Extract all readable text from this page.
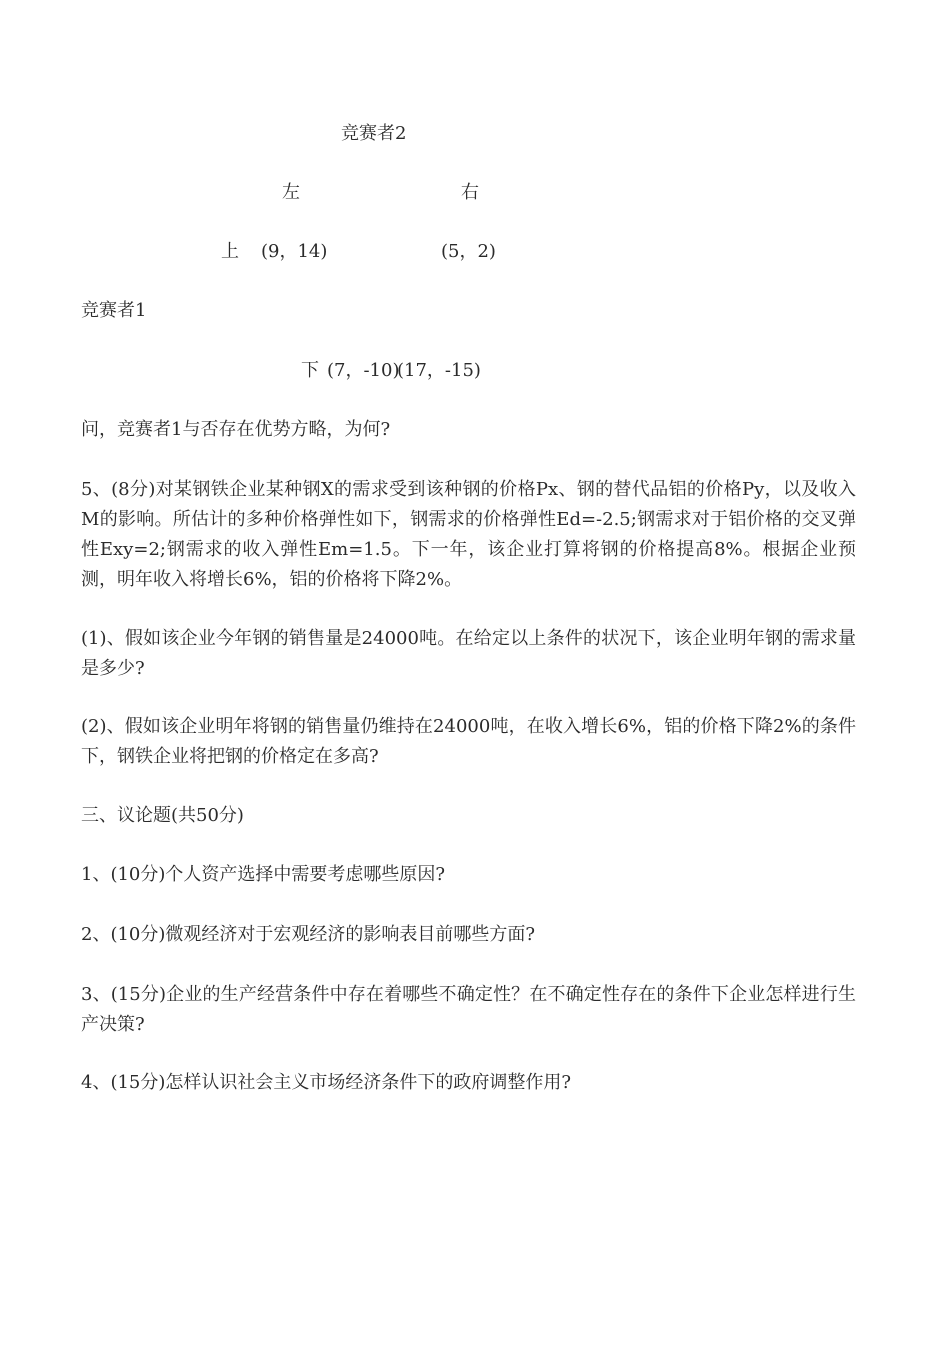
竞赛者2
左	右
上 (9，14)	(5，2)
竞赛者1
下 (7，-10)
(17，-15)
问，竞赛者1与否存在优势方略，为何?
5、(8分)对某钢铁企业某种钢X的需求受到该种钢的价格Px、钢的替代品铝的价格Py，以及收入M的影响。所估计的多种价格弹性如下，钢需求的价格弹性Ed=-2.5;钢需求对于铝价格的交叉弹性Exy=2;钢需求的收入弹性Em=1.5。下一年，该企业打算将钢的价格提高8%。根据企业预测，明年收入将增长6%，铝的价格将下降2%。
(1)、假如该企业今年钢的销售量是24000吨。在给定以上条件的状况下，该企业明年钢的需求量是多少?
(2)、假如该企业明年将钢的销售量仍维持在24000吨，在收入增长6%，铝的价格下降2%的条件下，钢铁企业将把钢的价格定在多高?
三、议论题(共50分)
1、(10分)个人资产选择中需要考虑哪些原因?
2、(10分)微观经济对于宏观经济的影响表目前哪些方面?
3、(15分)企业的生产经营条件中存在着哪些不确定性？在不确定性存在的条件下企业怎样进行生产决策?
4、(15分)怎样认识社会主义市场经济条件下的政府调整作用?
